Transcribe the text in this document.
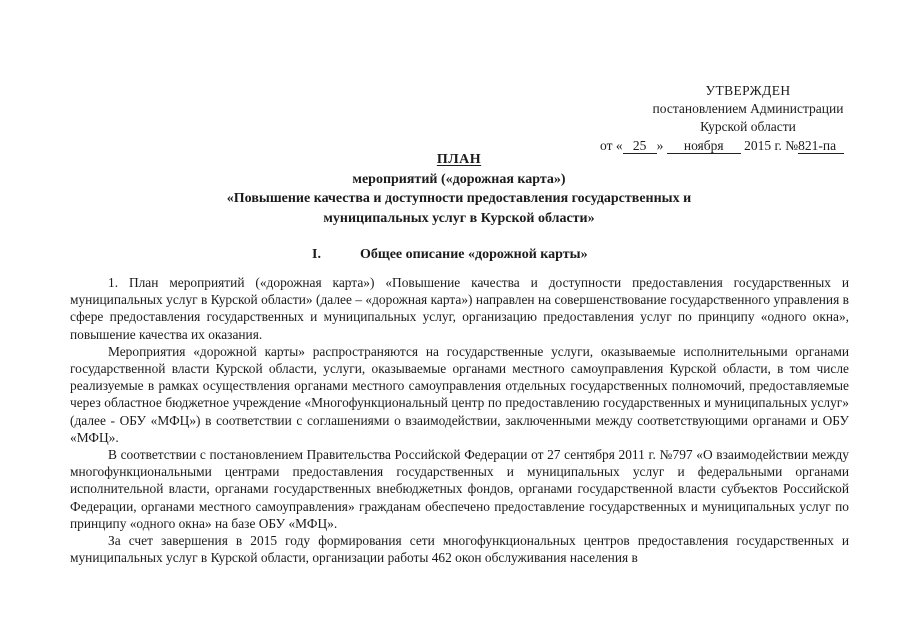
УТВЕРЖДЕН
постановлением Администрации
Курской области
от « 25 » ноября 2015 г. №821-па
ПЛАН
мероприятий («дорожная карта»)
«Повышение качества и доступности предоставления государственных и
муниципальных услуг в Курской области»
I.	Общее описание «дорожной карты»

1. План мероприятий («дорожная карта») «Повышение качества и доступности предоставления государственных и муниципальных услуг в Курской области» (далее – «дорожная карта») направлен на совершенствование государственного управления в сфере предоставления государственных и муниципальных услуг, организацию предоставления услуг по принципу «одного окна», повышение качества их оказания.

Мероприятия «дорожной карты» распространяются на государственные услуги, оказываемые исполнительными органами государственной власти Курской области, услуги, оказываемые органами местного самоуправления Курской области, в том числе реализуемые в рамках осуществления органами местного самоуправления отдельных государственных полномочий, предоставляемые через областное бюджетное учреждение «Многофункциональный центр по предоставлению государственных и муниципальных услуг» (далее - ОБУ «МФЦ») в соответствии с соглашениями о взаимодействии, заключенными между соответствующими органами и ОБУ «МФЦ».

В соответствии с постановлением Правительства Российской Федерации от 27 сентября 2011 г. №797 «О взаимодействии между многофункциональными центрами предоставления государственных и муниципальных услуг и федеральными органами исполнительной власти, органами государственных внебюджетных фондов, органами государственной власти субъектов Российской Федерации, органами местного самоуправления» гражданам обеспечено предоставление государственных и муниципальных услуг по принципу «одного окна» на базе ОБУ «МФЦ».

За счет завершения в 2015 году формирования сети многофункциональных центров предоставления государственных и муниципальных услуг в Курской области, организации работы 462 окон обслуживания населения в
